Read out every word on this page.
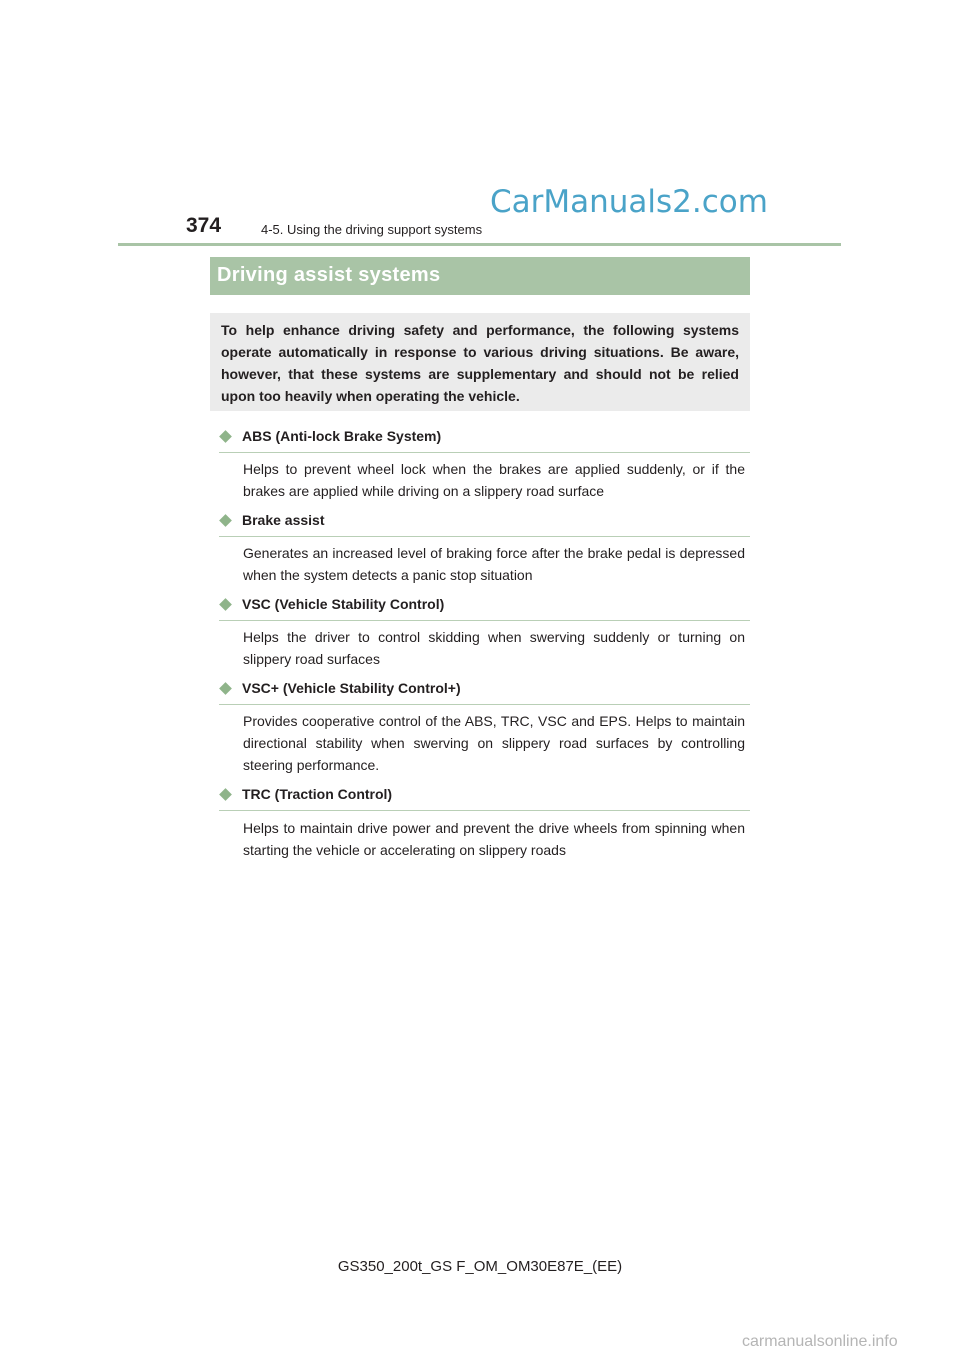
CarManuals2.com
374	4-5. Using the driving support systems
Driving assist systems

To help enhance driving safety and performance, the following systems operate automatically in response to various driving situations. Be aware, however, that these systems are supplementary and should not be relied upon too heavily when operating the vehicle.

ABS (Anti-lock Brake System)

Helps to prevent wheel lock when the brakes are applied suddenly, or if the brakes are applied while driving on a slippery road surface

Brake assist

Generates an increased level of braking force after the brake pedal is depressed when the system detects a panic stop situation

VSC (Vehicle Stability Control)

Helps the driver to control skidding when swerving suddenly or turning on slippery road surfaces

VSC+ (Vehicle Stability Control+)

Provides cooperative control of the ABS, TRC, VSC and EPS. Helps to maintain directional stability when swerving on slippery road surfaces by controlling steering performance.

TRC (Traction Control)

Helps to maintain drive power and prevent the drive wheels from spinning when starting the vehicle or accelerating on slippery roads

GS350_200t_GS F_OM_OM30E87E_(EE)
carmanualsonline.info
